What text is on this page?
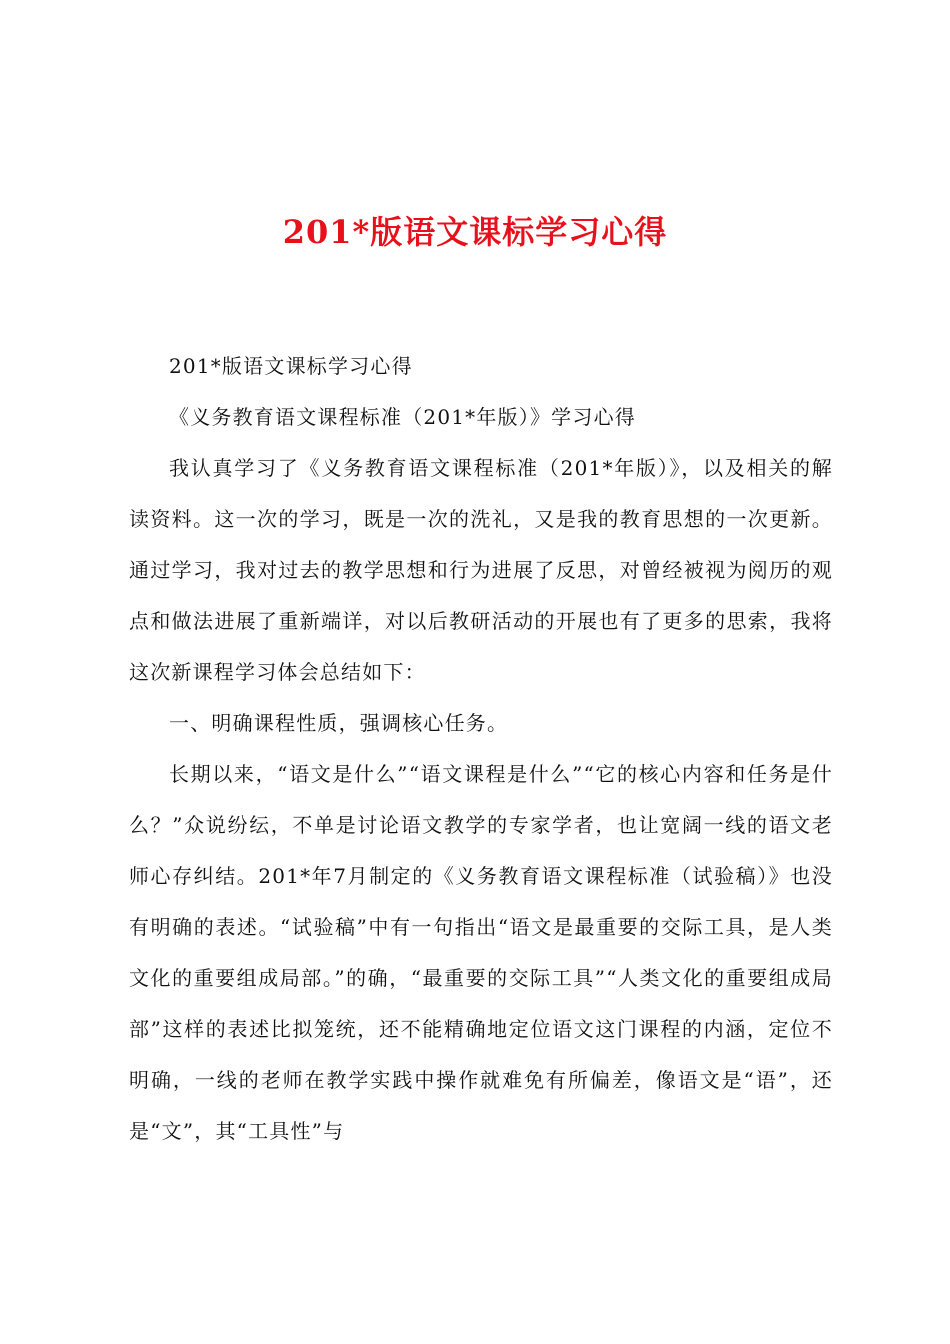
201*版语文课标学习心得

201*版语文课标学习心得

《义务教育语文课程标准（201*年版）》学习心得

我认真学习了《义务教育语文课程标准（201*年版）》，以及相关的解读资料。这一次的学习，既是一次的洗礼，又是我的教育思想的一次更新。通过学习，我对过去的教学思想和行为进展了反思，对曾经被视为阅历的观点和做法进展了重新端详，对以后教研活动的开展也有了更多的思索，我将这次新课程学习体会总结如下：

一、明确课程性质，强调核心任务。

长期以来，“语文是什么”“语文课程是什么”“它的核心内容和任务是什么？”众说纷纭，不单是讨论语文教学的专家学者，也让宽阔一线的语文老师心存纠结。201*年7月制定的《义务教育语文课程标准（试验稿）》也没有明确的表述。“试验稿”中有一句指出“语文是最重要的交际工具，是人类文化的重要组成局部。”的确，“最重要的交际工具”“人类文化的重要组成局部”这样的表述比拟笼统，还不能精确地定位语文这门课程的内涵，定位不明确，一线的老师在教学实践中操作就难免有所偏差，像语文是“语”，还是“文”，其“工具性”与
